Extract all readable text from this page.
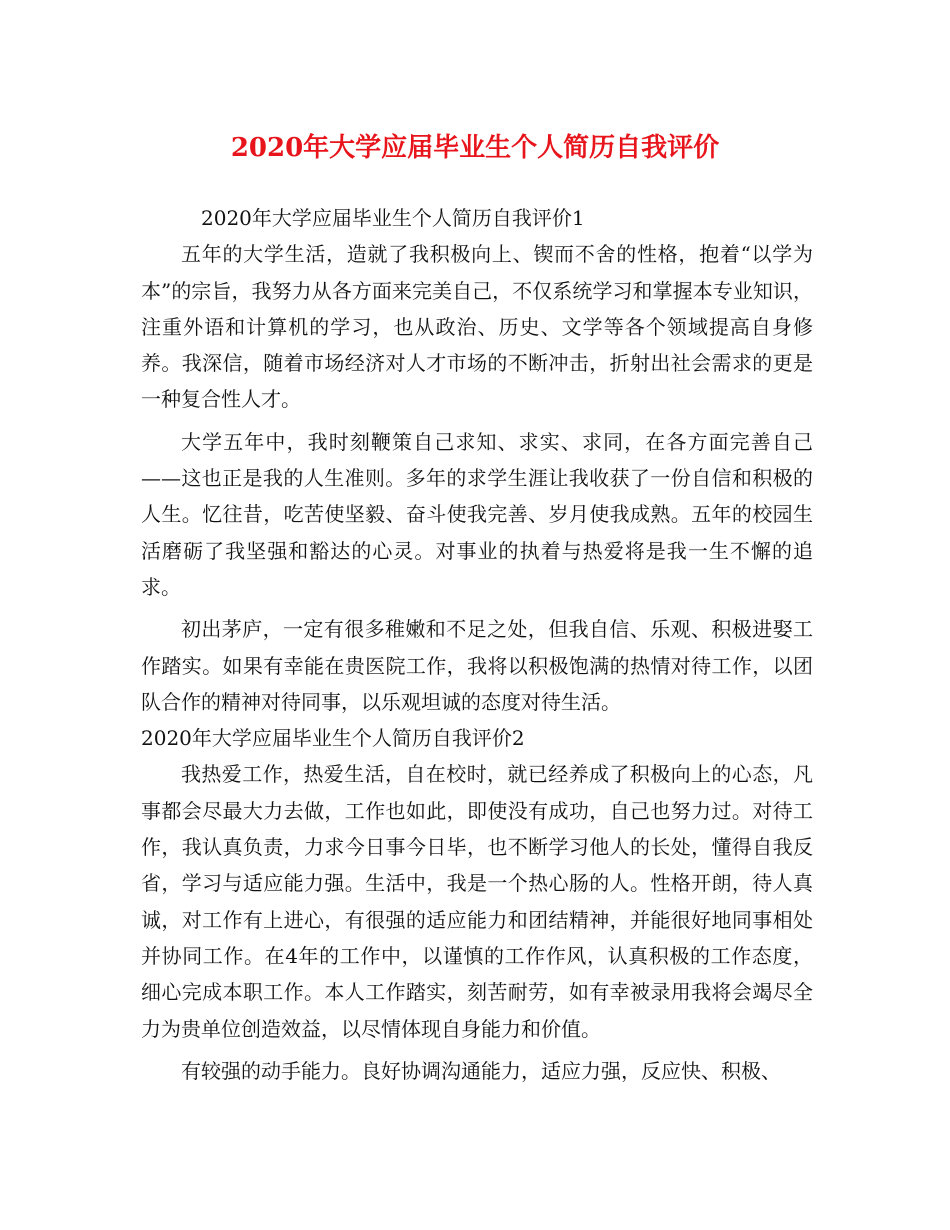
2020年大学应届毕业生个人简历自我评价

2020年大学应届毕业生个人简历自我评价1

五年的大学生活，造就了我积极向上、锲而不舍的性格，抱着“以学为本”的宗旨，我努力从各方面来完美自己，不仅系统学习和掌握本专业知识，注重外语和计算机的学习，也从政治、历史、文学等各个领域提高自身修养。我深信，随着市场经济对人才市场的不断冲击，折射出社会需求的更是一种复合性人才。

大学五年中，我时刻鞭策自己求知、求实、求同，在各方面完善自己——这也正是我的人生准则。多年的求学生涯让我收获了一份自信和积极的人生。忆往昔，吃苦使坚毅、奋斗使我完善、岁月使我成熟。五年的校园生活磨砺了我坚强和豁达的心灵。对事业的执着与热爱将是我一生不懈的追求。

初出茅庐，一定有很多稚嫩和不足之处，但我自信、乐观、积极进娶工作踏实。如果有幸能在贵医院工作，我将以积极饱满的热情对待工作，以团队合作的精神对待同事，以乐观坦诚的态度对待生活。

2020年大学应届毕业生个人简历自我评价2

我热爱工作，热爱生活，自在校时，就已经养成了积极向上的心态，凡事都会尽最大力去做，工作也如此，即使没有成功，自己也努力过。对待工作，我认真负责，力求今日事今日毕，也不断学习他人的长处，懂得自我反省，学习与适应能力强。生活中，我是一个热心肠的人。性格开朗，待人真诚，对工作有上进心，有很强的适应能力和团结精神，并能很好地同事相处并协同工作。在4年的工作中，以谨慎的工作作风，认真积极的工作态度，细心完成本职工作。本人工作踏实，刻苦耐劳，如有幸被录用我将会竭尽全力为贵单位创造效益，以尽情体现自身能力和价值。

有较强的动手能力。良好协调沟通能力，适应力强，反应快、积极、
